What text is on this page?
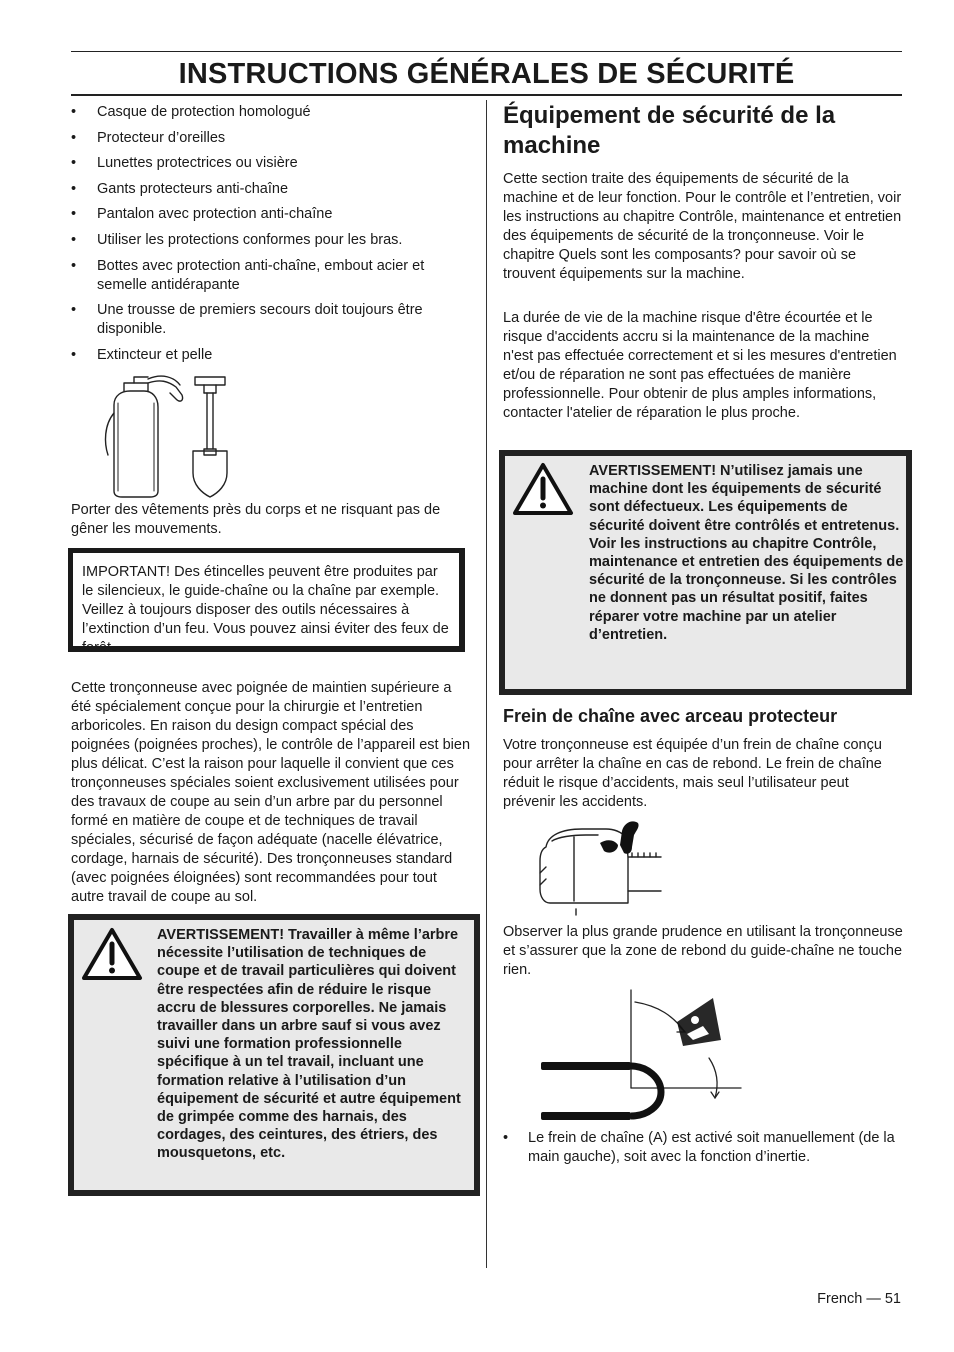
INSTRUCTIONS GÉNÉRALES DE SÉCURITÉ
• Casque de protection homologué
• Protecteur d’oreilles
• Lunettes protectrices ou visière
• Gants protecteurs anti-chaîne
• Pantalon avec protection anti-chaîne
• Utiliser les protections conformes pour les bras.
• Bottes avec protection anti-chaîne, embout acier et semelle antidérapante
• Une trousse de premiers secours doit toujours être disponible.
• Extincteur et pelle

Porter des vêtements près du corps et ne risquant pas de gêner les mouvements.

IMPORTANT! Des étincelles peuvent être produites par le silencieux, le guide-chaîne ou la chaîne par exemple. Veillez à toujours disposer des outils nécessaires à l’extinction d’un feu. Vous pouvez ainsi éviter des feux de forêt.

Cette tronçonneuse avec poignée de maintien supérieure a été spécialement conçue pour la chirurgie et l’entretien arboricoles. En raison du design compact spécial des poignées (poignées proches), le contrôle de l’appareil est bien plus délicat. C’est la raison pour laquelle il convient que ces tronçonneuses spéciales soient exclusivement utilisées pour des travaux de coupe au sein d’un arbre par du personnel formé en matière de coupe et de techniques de travail spéciales, sécurisé de façon adéquate (nacelle élévatrice, cordage, harnais de sécurité). Des tronçonneuses standard (avec poignées éloignées) sont recommandées pour tout autre travail de coupe au sol.

AVERTISSEMENT! Travailler à même l’arbre nécessite l’utilisation de techniques de coupe et de travail particulières qui doivent être respectées afin de réduire le risque accru de blessures corporelles. Ne jamais travailler dans un arbre sauf si vous avez suivi une formation professionnelle spécifique à un tel travail, incluant une formation relative à l’utilisation d’un équipement de sécurité et autre équipement de grimpée comme des harnais, des cordages, des ceintures, des étriers, des mousquetons, etc.

Équipement de sécurité de la machine

Cette section traite des équipements de sécurité de la machine et de leur fonction. Pour le contrôle et l’entretien, voir les instructions au chapitre Contrôle, maintenance et entretien des équipements de sécurité de la tronçonneuse. Voir le chapitre Quels sont les composants? pour savoir où se trouvent équipements sur la machine.

La durée de vie de la machine risque d'être écourtée et le risque d'accidents accru si la maintenance de la machine n'est pas effectuée correctement et si les mesures d'entretien et/ou de réparation ne sont pas effectuées de manière professionnelle. Pour obtenir de plus amples informations, contacter l'atelier de réparation le plus proche.

AVERTISSEMENT! N’utilisez jamais une machine dont les équipements de sécurité sont défectueux. Les équipements de sécurité doivent être contrôlés et entretenus. Voir les instructions au chapitre Contrôle, maintenance et entretien des équipements de sécurité de la tronçonneuse. Si les contrôles ne donnent pas un résultat positif, faites réparer votre machine par un atelier d’entretien.

Frein de chaîne avec arceau protecteur

Votre tronçonneuse est équipée d’un frein de chaîne conçu pour arrêter la chaîne en cas de rebond. Le frein de chaîne réduit le risque d’accidents, mais seul l’utilisateur peut prévenir les accidents.

Observer la plus grande prudence en utilisant la tronçonneuse et s’assurer que la zone de rebond du guide-chaîne ne touche rien.

• Le frein de chaîne (A) est activé soit manuellement (de la main gauche), soit avec la fonction d’inertie.

French — 51
